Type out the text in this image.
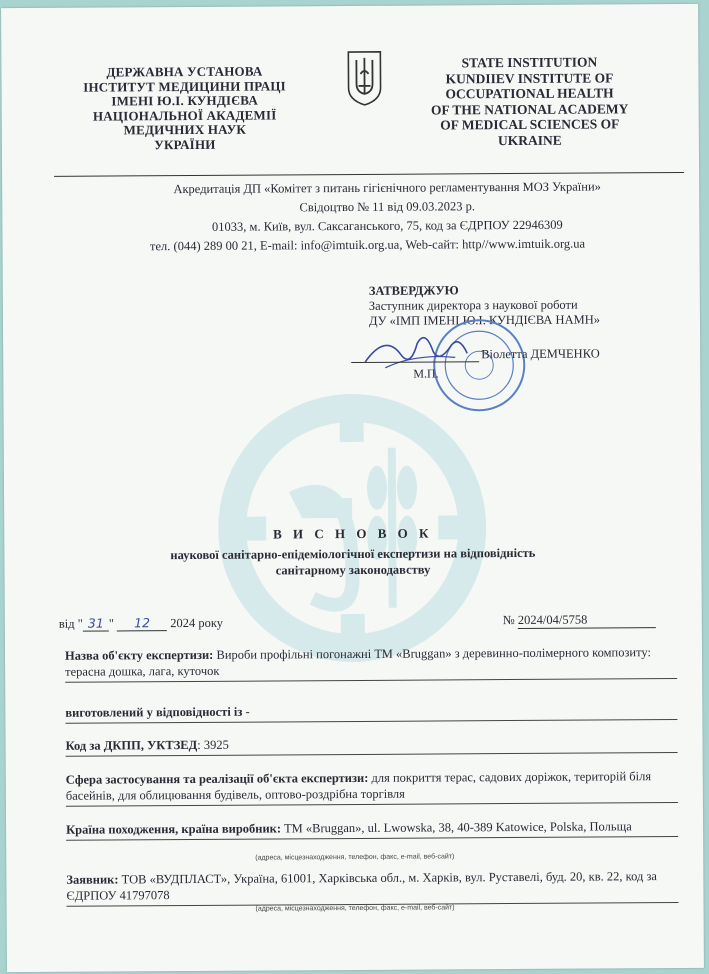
ДЕРЖАВНА УСТАНОВА
ІНСТИТУТ МЕДИЦИНИ ПРАЦІ
ІМЕНІ Ю.І. КУНДІЄВА
НАЦІОНАЛЬНОЇ АКАДЕМІЇ
МЕДИЧНИХ НАУК
УКРАЇНИ
STATE INSTITUTION
KUNDIIEV INSTITUTE OF
OCCUPATIONAL HEALTH
OF THE NATIONAL ACADEMY
OF MEDICAL SCIENCES OF
UKRAINE
Акредитація ДП «Комітет з питань гігієнічного регламентування МОЗ України»
Свідоцтво № 11 від 09.03.2023 р.
01033, м. Київ, вул. Саксаганського, 75, код за ЄДРПОУ 22946309
тел. (044) 289 00 21, E-mail: info@imtuik.org.ua, Web-сайт: http//www.imtuik.org.ua
ЗАТВЕРДЖУЮ
Заступник директора з наукової роботи
ДУ «ІМП ІМЕНІ Ю.І. КУНДІЄВА НАМН»
Віолетта ДЕМЧЕНКО
М.П.
В И С Н О В О К
наукової санітарно-епідеміологічної експертизи на відповідність
санітарному законодавству
від " 31 " 12 2024 року	№ 2024/04/5758
Назва об'єкту експертизи: Вироби профільні погонажні ТМ «Bruggan» з деревинно-полімерного композиту: терасна дошка, лага, куточок
виготовлений у відповідності із -
Код за ДКПП, УКТЗЕД: 3925
Сфера застосування та реалізації об'єкта експертизи: для покриття терас, садових доріжок, територій біля басейнів, для облицювання будівель, оптово-роздрібна торгівля
Країна походження, країна виробник: ТМ «Bruggan», ul. Lwowska, 38, 40-389 Katowice, Polska, Польща
(адреса, місцезнаходження, телефон, факс, e-mail, веб-сайт)
Заявник: ТОВ «ВУДПЛАСТ», Україна, 61001, Харківська обл., м. Харків, вул. Руставелі, буд. 20, кв. 22, код за ЄДРПОУ 41797078
(адреса, місцезнаходження, телефон, факс, e-mail, веб-сайт)
